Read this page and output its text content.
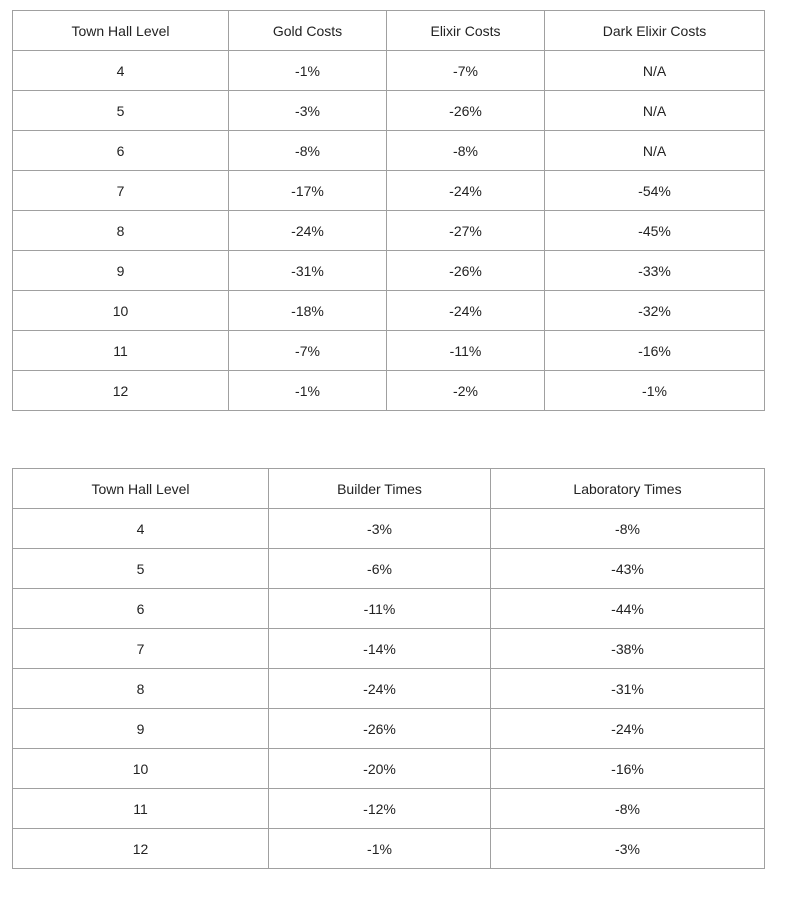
Town Hall Level	Gold Costs	Elixir Costs	Dark Elixir Costs
4	-1%	-7%	N/A
5	-3%	-26%	N/A
6	-8%	-8%	N/A
7	-17%	-24%	-54%
8	-24%	-27%	-45%
9	-31%	-26%	-33%
10	-18%	-24%	-32%
11	-7%	-11%	-16%
12	-1%	-2%	-1%
Town Hall Level	Builder Times	Laboratory Times
4	-3%	-8%
5	-6%	-43%
6	-11%	-44%
7	-14%	-38%
8	-24%	-31%
9	-26%	-24%
10	-20%	-16%
11	-12%	-8%
12	-1%	-3%
